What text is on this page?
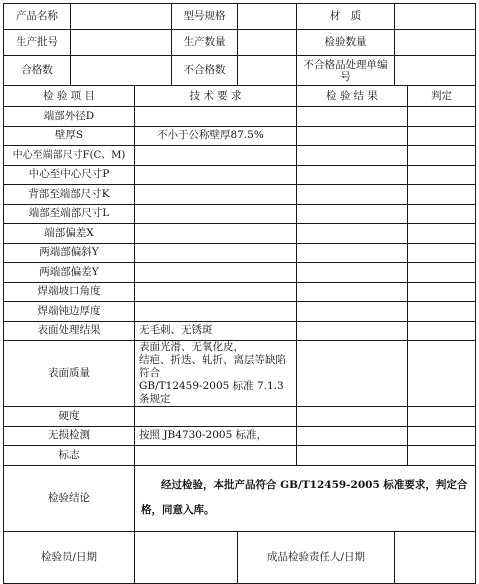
产品名称			型号规格		材　质		
生产批号			生产数量		检验数量		
合格数			不合格数		不合格品处理单编号		
检 验 项 目		技 术 要 求			检 验 结 果		判定
端部外径D							
壁厚S		不小于公称壁厚87.5%					
中心至端部尺寸F(C、M)							
中心至中心尺寸P							
背部至端部尺寸K							
端部至端部尺寸L							
端部偏差X							
两端部偏斜Y							
两端部偏差Y							
焊端坡口角度							
焊端钝边厚度							
表面处理结果		无毛刺、无锈斑					
表面质量		表面光滑、无氧化皮，
结疤、折迭、轧折、离层等缺陷符合
GB/T12459-2005 标准 7.1.3 条规定					

硬度							
无损检测		按照 JB4730-2005 标准，					
标志							
检验结论		经过检验，本批产品符合 GB/T12459-2005 标准要求，判定合格，同意入库。					
检验员/日期				成品检验责任人/日期			
